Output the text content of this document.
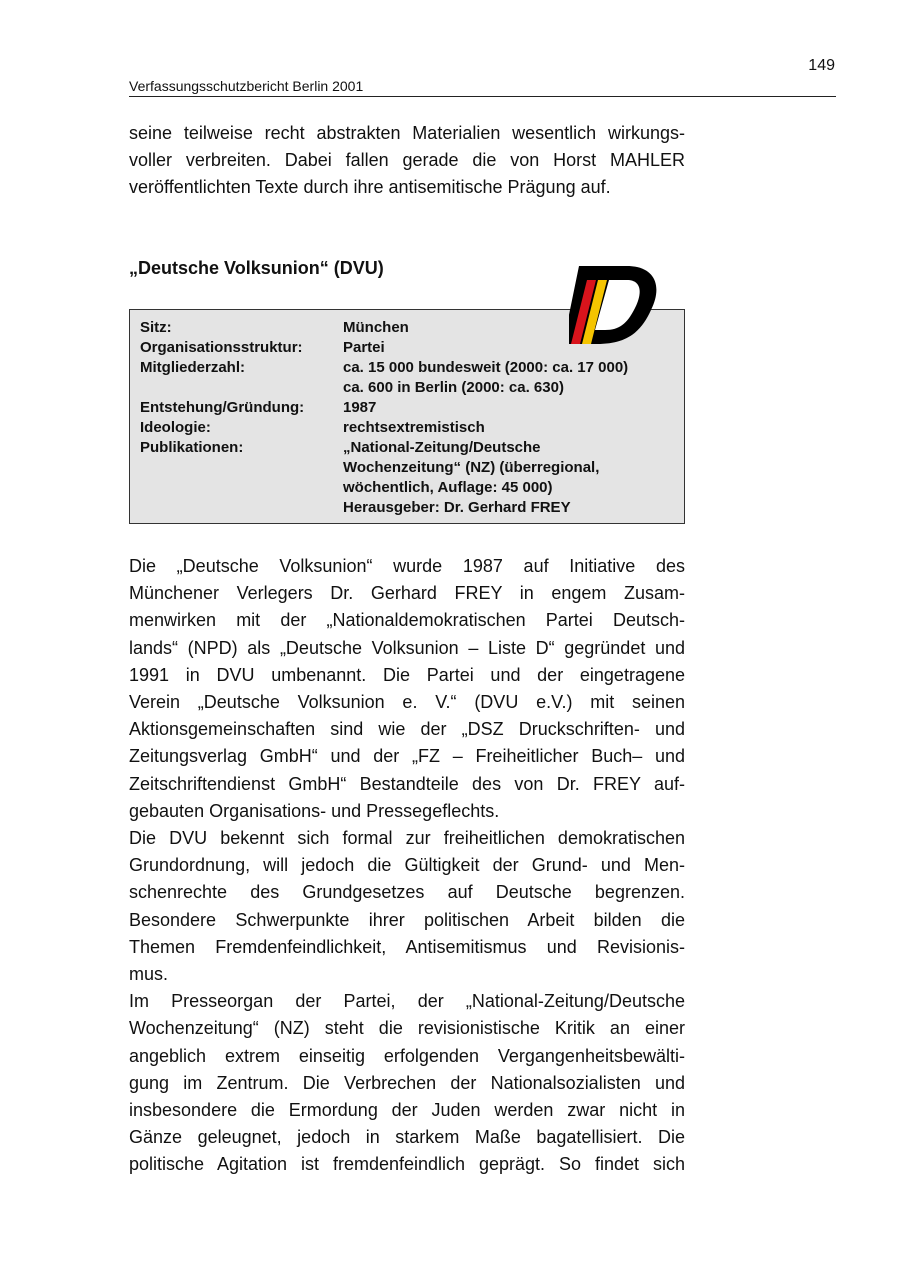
149
Verfassungsschutzbericht Berlin 2001
seine teilweise recht abstrakten Materialien wesentlich wirkungs-
voller verbreiten. Dabei fallen gerade die von Horst MAHLER
veröffentlichten Texte durch ihre antisemitische Prägung auf.
„Deutsche Volksunion“ (DVU)
Sitz:	München
Organisationsstruktur:	Partei
Mitgliederzahl:	ca. 15 000 bundesweit (2000: ca. 17 000)
ca. 600 in Berlin (2000: ca. 630)
Entstehung/Gründung:	1987
Ideologie:	rechtsextremistisch
Publikationen:	„National-Zeitung/Deutsche
Wochenzeitung“ (NZ) (überregional,
wöchentlich, Auflage: 45 000)
Herausgeber: Dr. Gerhard FREY

Die „Deutsche Volksunion“ wurde 1987 auf Initiative des
Münchener Verlegers Dr. Gerhard FREY in engem Zusam-
menwirken mit der „Nationaldemokratischen Partei Deutsch-
lands“ (NPD) als „Deutsche Volksunion – Liste D“ gegründet und
1991 in DVU umbenannt. Die Partei und der eingetragene
Verein „Deutsche Volksunion e. V.“ (DVU e.V.) mit seinen
Aktionsgemeinschaften sind wie der „DSZ Druckschriften- und
Zeitungsverlag GmbH“ und der „FZ – Freiheitlicher Buch– und
Zeitschriftendienst GmbH“ Bestandteile des von Dr. FREY auf-
gebauten Organisations- und Pressegeflechts.

Die DVU bekennt sich formal zur freiheitlichen demokratischen
Grundordnung, will jedoch die Gültigkeit der Grund- und Men-
schenrechte des Grundgesetzes auf Deutsche begrenzen.
Besondere Schwerpunkte ihrer politischen Arbeit bilden die
Themen Fremdenfeindlichkeit, Antisemitismus und Revisionis-
mus.

Im Presseorgan der Partei, der „National-Zeitung/Deutsche
Wochenzeitung“ (NZ) steht die revisionistische Kritik an einer
angeblich extrem einseitig erfolgenden Vergangenheitsbewälti-
gung im Zentrum. Die Verbrechen der Nationalsozialisten und
insbesondere die Ermordung der Juden werden zwar nicht in
Gänze geleugnet, jedoch in starkem Maße bagatellisiert. Die
politische Agitation ist fremdenfeindlich geprägt. So findet sich
